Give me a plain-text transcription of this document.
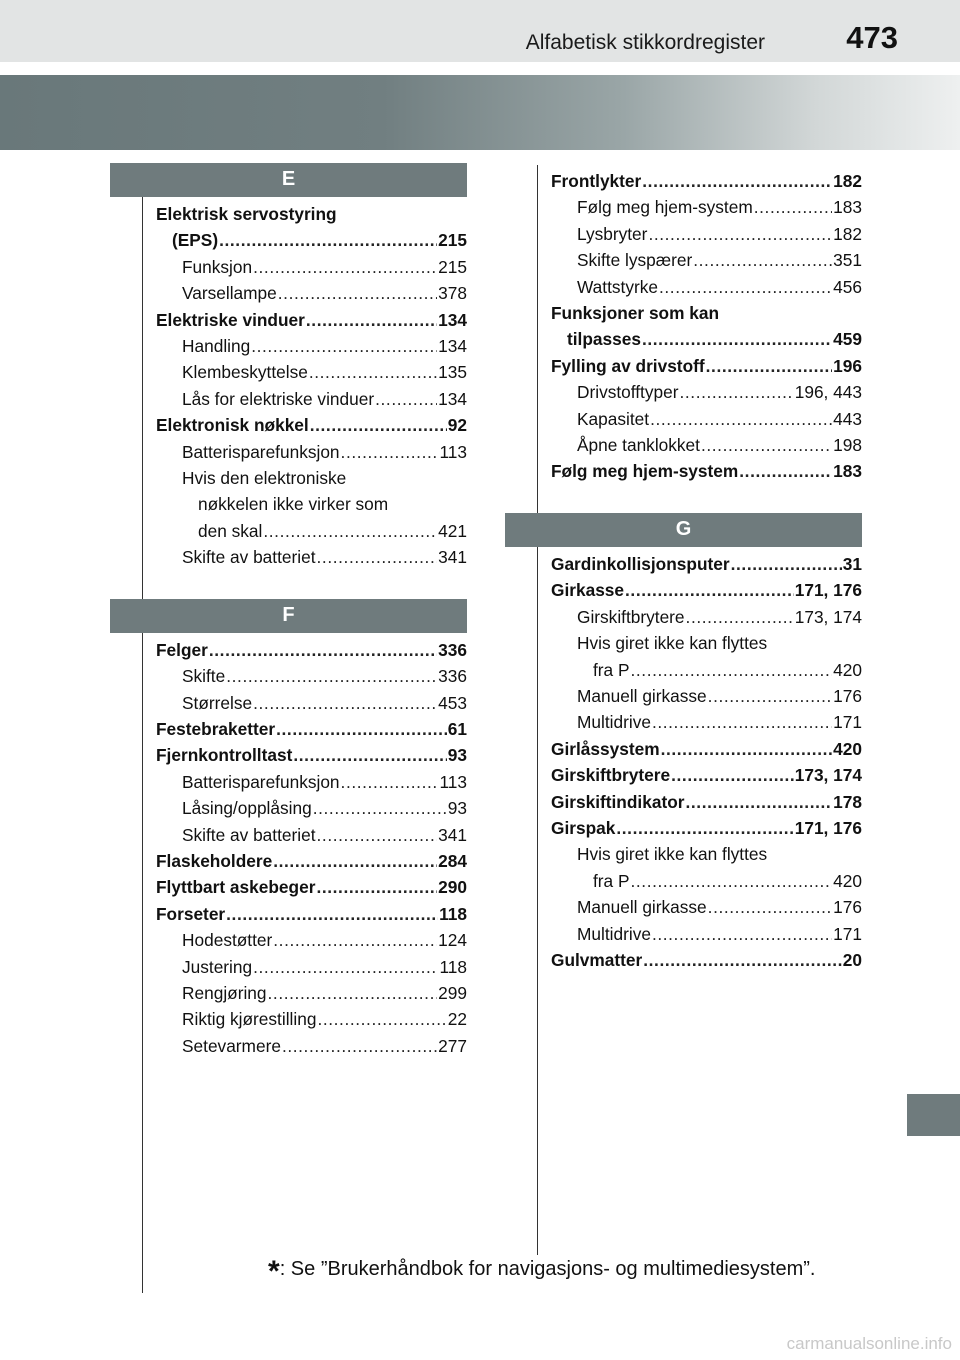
Alfabetisk stikkordregister	473
E
Elektrisk servostyring
(EPS) .....	215
Funksjon .....	215
Varsellampe .....	378
Elektriske vinduer .....	134
Handling .....	134
Klembeskyttelse .....	135
Lås for elektriske vinduer .....	134
Elektronisk nøkkel .....	92
Batterisparefunksjon .....	113
Hvis den elektroniske
nøkkelen ikke virker som
den skal .....	421
Skifte av batteriet .....	341
F
Felger .....	336
Skifte .....	336
Størrelse .....	453
Festebraketter .....	61
Fjernkontrolltast .....	93
Batterisparefunksjon .....	113
Låsing/opplåsing .....	93
Skifte av batteriet .....	341
Flaskeholdere .....	284
Flyttbart askebeger .....	290
Forseter .....	118
Hodestøtter .....	124
Justering .....	118
Rengjøring .....	299
Riktig kjørestilling .....	22
Setevarmere .....	277
Frontlykter .....	182
Følg meg hjem-system .....	183
Lysbryter .....	182
Skifte lyspærer .....	351
Wattstyrke .....	456
Funksjoner som kan
tilpasses .....	459
Fylling av drivstoff .....	196
Drivstofftyper .....	196, 443
Kapasitet .....	443
Åpne tanklokket .....	198
Følg meg hjem-system .....	183
G
Gardinkollisjonsputer .....	31
Girkasse .....	171, 176
Girskiftbrytere .....	173, 174
Hvis giret ikke kan flyttes
fra P .....	420
Manuell girkasse .....	176
Multidrive .....	171
Girlåssystem .....	420
Girskiftbrytere .....	173, 174
Girskiftindikator .....	178
Girspak .....	171, 176
Hvis giret ikke kan flyttes
fra P .....	420
Manuell girkasse .....	176
Multidrive .....	171
Gulvmatter .....	20
*: Se ”Brukerhåndbok for navigasjons- og multimediesystem”.
carmanualsonline.info
